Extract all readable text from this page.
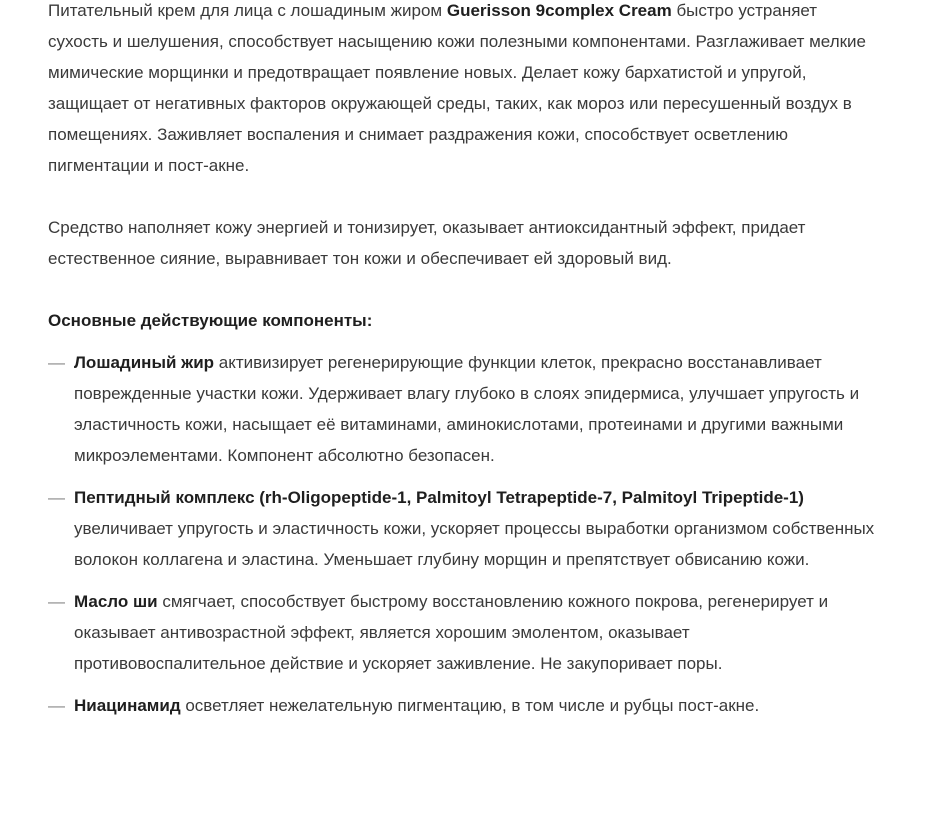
Питательный крем для лица с лошадиным жиром Guerisson 9complex Cream быстро устраняет сухость и шелушения, способствует насыщению кожи полезными компонентами. Разглаживает мелкие мимические морщинки и предотвращает появление новых. Делает кожу бархатистой и упругой, защищает от негативных факторов окружающей среды, таких, как мороз или пересушенный воздух в помещениях. Заживляет воспаления и снимает раздражения кожи, способствует осветлению пигментации и пост-акне.

Средство наполняет кожу энергией и тонизирует, оказывает антиоксидантный эффект, придает естественное сияние, выравнивает тон кожи и обеспечивает ей здоровый вид.

Основные действующие компоненты:

— Лошадиный жир активизирует регенерирующие функции клеток, прекрасно восстанавливает поврежденные участки кожи. Удерживает влагу глубоко в слоях эпидермиса, улучшает упругость и эластичность кожи, насыщает её витаминами, аминокислотами, протеинами и другими важными
микроэлементами. Компонент абсолютно безопасен.
— Пептидный комплекс (rh-Oligopeptide-1, Palmitoyl Tetrapeptide-7, Palmitoyl Tripeptide-1) увеличивает упругость и эластичность кожи, ускоряет процессы выработки организмом собственных волокон коллагена и эластина. Уменьшает глубину морщин и препятствует обвисанию кожи.
— Масло ши смягчает, способствует быстрому восстановлению кожного покрова, регенерирует и оказывает антивозрастной эффект, является хорошим эмолентом, оказывает противовоспалительное действие и ускоряет заживление. Не закупоривает поры.
— Ниацинамид осветляет нежелательную пигментацию, в том числе и рубцы пост-акне.
